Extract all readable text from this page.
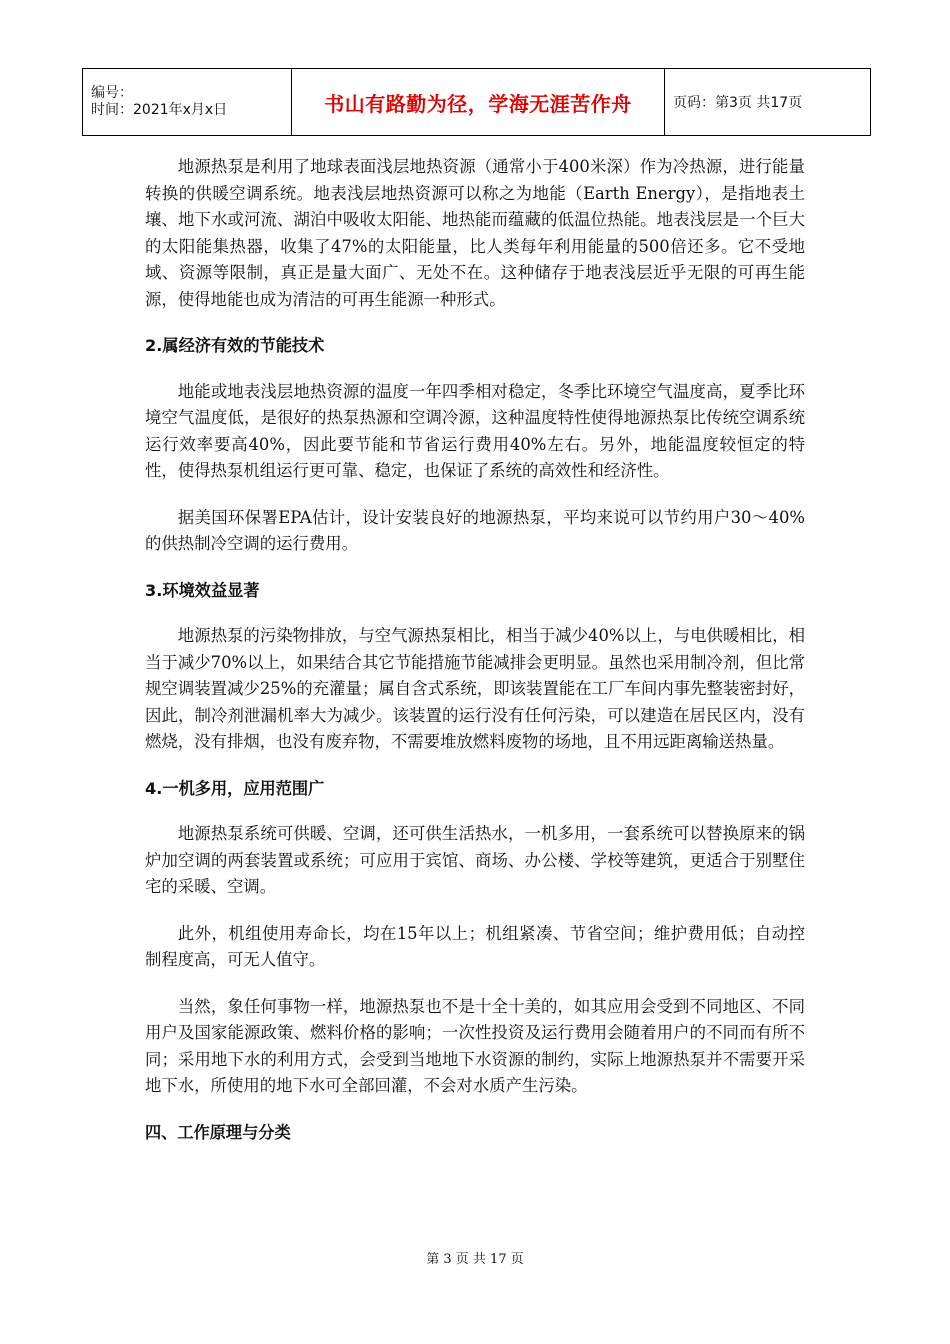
编号：
时间：2021年x月x日	书山有路勤为径，学海无涯苦作舟	页码：第3页 共17页

地源热泵是利用了地球表面浅层地热资源（通常小于400米深）作为冷热源，进行能量转换的供暖空调系统。地表浅层地热资源可以称之为地能（Earth Energy），是指地表土壤、地下水或河流、湖泊中吸收太阳能、地热能而蕴藏的低温位热能。地表浅层是一个巨大的太阳能集热器，收集了47%的太阳能量，比人类每年利用能量的500倍还多。它不受地域、资源等限制，真正是量大面广、无处不在。这种储存于地表浅层近乎无限的可再生能源，使得地能也成为清洁的可再生能源一种形式。

2.属经济有效的节能技术

地能或地表浅层地热资源的温度一年四季相对稳定，冬季比环境空气温度高，夏季比环境空气温度低，是很好的热泵热源和空调冷源，这种温度特性使得地源热泵比传统空调系统运行效率要高40%，因此要节能和节省运行费用40%左右。另外，地能温度较恒定的特性，使得热泵机组运行更可靠、稳定，也保证了系统的高效性和经济性。

据美国环保署EPA估计，设计安装良好的地源热泵，平均来说可以节约用户30～40%的供热制冷空调的运行费用。

3.环境效益显著

地源热泵的污染物排放，与空气源热泵相比，相当于减少40%以上，与电供暖相比，相当于减少70%以上，如果结合其它节能措施节能减排会更明显。虽然也采用制冷剂，但比常规空调装置减少25%的充灌量；属自含式系统，即该装置能在工厂车间内事先整装密封好，因此，制冷剂泄漏机率大为减少。该装置的运行没有任何污染，可以建造在居民区内，没有燃烧，没有排烟，也没有废弃物，不需要堆放燃料废物的场地，且不用远距离输送热量。

4.一机多用，应用范围广

地源热泵系统可供暖、空调，还可供生活热水，一机多用，一套系统可以替换原来的锅炉加空调的两套装置或系统；可应用于宾馆、商场、办公楼、学校等建筑，更适合于别墅住宅的采暖、空调。

此外，机组使用寿命长，均在15年以上；机组紧凑、节省空间；维护费用低；自动控制程度高，可无人值守。

当然，象任何事物一样，地源热泵也不是十全十美的，如其应用会受到不同地区、不同用户及国家能源政策、燃料价格的影响；一次性投资及运行费用会随着用户的不同而有所不同；采用地下水的利用方式，会受到当地地下水资源的制约，实际上地源热泵并不需要开采地下水，所使用的地下水可全部回灌，不会对水质产生污染。

四、工作原理与分类

第 3 页 共 17 页
